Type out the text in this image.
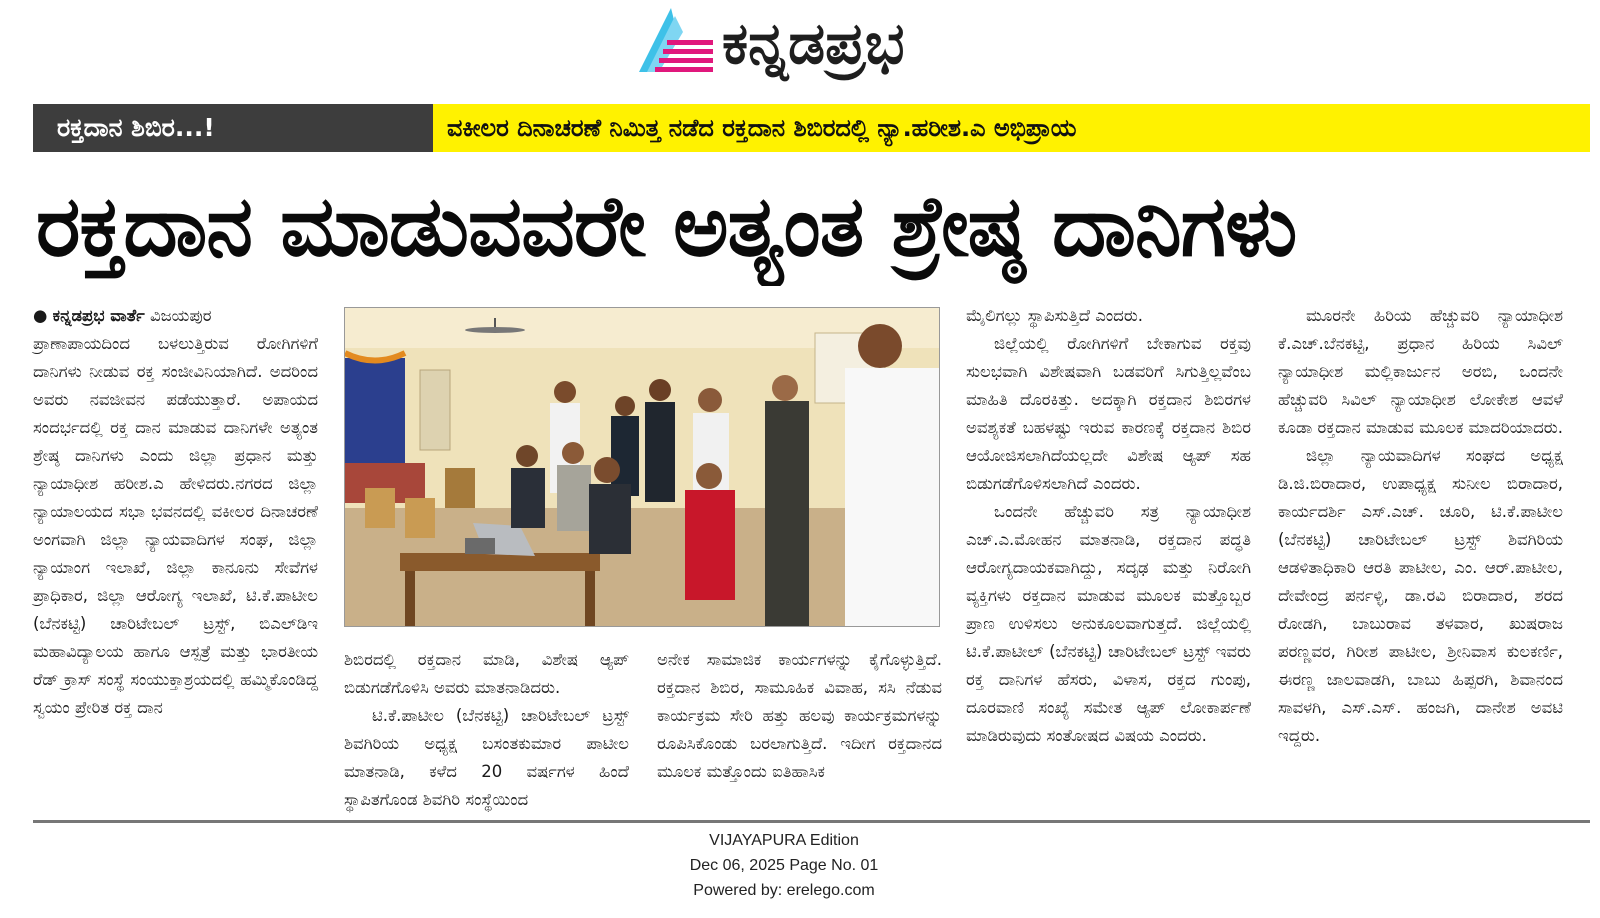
ಕನ್ನಡಪ್ರಭ
ರಕ್ತದಾನ ಶಿಬಿರ...!	ವಕೀಲರ ದಿನಾಚರಣೆ ನಿಮಿತ್ತ ನಡೆದ ರಕ್ತದಾನ ಶಿಬಿರದಲ್ಲಿ ನ್ಯಾ.ಹರೀಶ.ಎ ಅಭಿಪ್ರಾಯ
ರಕ್ತದಾನ ಮಾಡುವವರೇ ಅತ್ಯಂತ ಶ್ರೇಷ್ಠ ದಾನಿಗಳು

● ಕನ್ನಡಪ್ರಭ ವಾರ್ತೆ ವಿಜಯಪುರ

ಪ್ರಾಣಾಪಾಯದಿಂದ ಬಳಲುತ್ತಿರುವ ರೋಗಿಗಳಿಗೆ ದಾನಿಗಳು ನೀಡುವ ರಕ್ತ ಸಂಜೀವಿನಿಯಾಗಿದೆ. ಅದರಿಂದ ಅವರು ನವಜೀವನ ಪಡೆಯುತ್ತಾರೆ. ಅಪಾಯದ ಸಂದರ್ಭದಲ್ಲಿ ರಕ್ತ ದಾನ ಮಾಡುವ ದಾನಿಗಳೇ ಅತ್ಯಂತ ಶ್ರೇಷ್ಠ ದಾನಿಗಳು ಎಂದು ಜಿಲ್ಲಾ ಪ್ರಧಾನ ಮತ್ತು ನ್ಯಾಯಾಧೀಶ ಹರೀಶ.ಎ ಹೇಳಿದರು.ನಗರದ ಜಿಲ್ಲಾ ನ್ಯಾಯಾಲಯದ ಸಭಾ ಭವನದಲ್ಲಿ ವಕೀಲರ ದಿನಾಚರಣೆ ಅಂಗವಾಗಿ ಜಿಲ್ಲಾ ನ್ಯಾಯವಾದಿಗಳ ಸಂಘ, ಜಿಲ್ಲಾ ನ್ಯಾಯಾಂಗ ಇಲಾಖೆ, ಜಿಲ್ಲಾ ಕಾನೂನು ಸೇವೆಗಳ ಪ್ರಾಧಿಕಾರ, ಜಿಲ್ಲಾ ಆರೋಗ್ಯ ಇಲಾಖೆ, ಟಿ.ಕೆ.ಪಾಟೀಲ (ಬೆನಕಟ್ಟಿ) ಚಾರಿಟೇಬಲ್ ಟ್ರಸ್ಟ್, ಬಿಎಲ್‌ಡಿಇ ಮಹಾವಿದ್ಯಾಲಯ ಹಾಗೂ ಆಸ್ಪತ್ರೆ ಮತ್ತು ಭಾರತೀಯ ರೆಡ್ ಕ್ರಾಸ್ ಸಂಸ್ಥೆ ಸಂಯುಕ್ತಾಶ್ರಯದಲ್ಲಿ ಹಮ್ಮಿಕೊಂಡಿದ್ದ ಸ್ವಯಂ ಪ್ರೇರಿತ ರಕ್ತ ದಾನ

ಶಿಬಿರದಲ್ಲಿ ರಕ್ತದಾನ ಮಾಡಿ, ವಿಶೇಷ ಆ್ಯಪ್ ಬಿಡುಗಡೆಗೊಳಿಸಿ ಅವರು ಮಾತನಾಡಿದರು.

ಟಿ.ಕೆ.ಪಾಟೀಲ (ಬೆನಕಟ್ಟಿ) ಚಾರಿಟೇಬಲ್ ಟ್ರಸ್ಟ್ ಶಿವಗಿರಿಯ ಅಧ್ಯಕ್ಷ ಬಸಂತಕುಮಾರ ಪಾಟೀಲ ಮಾತನಾಡಿ, ಕಳೆದ 20 ವರ್ಷಗಳ ಹಿಂದೆ ಸ್ಥಾಪಿತಗೊಂಡ ಶಿವಗಿರಿ ಸಂಸ್ಥೆಯಿಂದ

ಅನೇಕ ಸಾಮಾಜಿಕ ಕಾರ್ಯಗಳನ್ನು ಕೈಗೊಳ್ಳುತ್ತಿದೆ. ರಕ್ತದಾನ ಶಿಬಿರ, ಸಾಮೂಹಿಕ ವಿವಾಹ, ಸಸಿ ನೆಡುವ ಕಾರ್ಯಕ್ರಮ ಸೇರಿ ಹತ್ತು ಹಲವು ಕಾರ್ಯಕ್ರಮಗಳನ್ನು ರೂಪಿಸಿಕೊಂಡು ಬರಲಾಗುತ್ತಿದೆ. ಇದೀಗ ರಕ್ತದಾನದ ಮೂಲಕ ಮತ್ತೊಂದು ಐತಿಹಾಸಿಕ

ಮೈಲಿಗಲ್ಲು ಸ್ಥಾಪಿಸುತ್ತಿದೆ ಎಂದರು.

ಜಿಲ್ಲೆಯಲ್ಲಿ ರೋಗಿಗಳಿಗೆ ಬೇಕಾಗುವ ರಕ್ತವು ಸುಲಭವಾಗಿ ವಿಶೇಷವಾಗಿ ಬಡವರಿಗೆ ಸಿಗುತ್ತಿಲ್ಲವೆಂಬ ಮಾಹಿತಿ ದೊರಕಿತ್ತು. ಅದಕ್ಕಾಗಿ ರಕ್ತದಾನ ಶಿಬಿರಗಳ ಅವಶ್ಯಕತೆ ಬಹಳಷ್ಟು ಇರುವ ಕಾರಣಕ್ಕೆ ರಕ್ತದಾನ ಶಿಬಿರ ಆಯೋಜಿಸಲಾಗಿದೆಯಲ್ಲದೇ ವಿಶೇಷ ಆ್ಯಪ್ ಸಹ ಬಿಡುಗಡೆಗೊಳಿಸಲಾಗಿದೆ ಎಂದರು.

ಒಂದನೇ ಹೆಚ್ಚುವರಿ ಸತ್ರ ನ್ಯಾಯಾಧೀಶ ಎಚ್.ಎ.ಮೋಹನ ಮಾತನಾಡಿ, ರಕ್ತದಾನ ಪದ್ಧತಿ ಆರೋಗ್ಯದಾಯಕವಾಗಿದ್ದು, ಸದೃಢ ಮತ್ತು ನಿರೋಗಿ ವ್ಯಕ್ತಿಗಳು ರಕ್ತದಾನ ಮಾಡುವ ಮೂಲಕ ಮತ್ತೊಬ್ಬರ ಪ್ರಾಣ ಉಳಿಸಲು ಅನುಕೂಲವಾಗುತ್ತದೆ. ಜಿಲ್ಲೆಯಲ್ಲಿ ಟಿ.ಕೆ.ಪಾಟೀಲ್ (ಬೆನಕಟ್ಟಿ) ಚಾರಿಟೇಬಲ್ ಟ್ರಸ್ಟ್ ಇವರು ರಕ್ತ ದಾನಿಗಳ ಹೆಸರು, ವಿಳಾಸ, ರಕ್ತದ ಗುಂಪು, ದೂರವಾಣಿ ಸಂಖ್ಯೆ ಸಮೇತ ಆ್ಯಪ್ ಲೋಕಾರ್ಪಣೆ ಮಾಡಿರುವುದು ಸಂತೋಷದ ವಿಷಯ ಎಂದರು.

ಮೂರನೇ ಹಿರಿಯ ಹೆಚ್ಚುವರಿ ನ್ಯಾಯಾಧೀಶ ಕೆ.ಎಚ್.ಬೆನಕಟ್ಟಿ, ಪ್ರಧಾನ ಹಿರಿಯ ಸಿವಿಲ್ ನ್ಯಾಯಾಧೀಶ ಮಲ್ಲಿಕಾರ್ಜುನ ಅರಬಿ, ಒಂದನೇ ಹೆಚ್ಚುವರಿ ಸಿವಿಲ್ ನ್ಯಾಯಾಧೀಶ ಲೋಕೇಶ ಆವಳೆ ಕೂಡಾ ರಕ್ತದಾನ ಮಾಡುವ ಮೂಲಕ ಮಾದರಿಯಾದರು.

ಜಿಲ್ಲಾ ನ್ಯಾಯವಾದಿಗಳ ಸಂಘದ ಅಧ್ಯಕ್ಷ ಡಿ.ಜಿ.ಬಿರಾದಾರ, ಉಪಾಧ್ಯಕ್ಷ ಸುನೀಲ ಬಿರಾದಾರ, ಕಾರ್ಯದರ್ಶಿ ಎಸ್.ಎಚ್. ಚೂರಿ, ಟಿ.ಕೆ.ಪಾಟೀಲ (ಬೆನಕಟ್ಟಿ) ಚಾರಿಟೇಬಲ್ ಟ್ರಸ್ಟ್ ಶಿವಗಿರಿಯ ಆಡಳಿತಾಧಿಕಾರಿ ಆರತಿ ಪಾಟೀಲ, ಎಂ. ಆರ್.ಪಾಟೀಲ, ದೇವೇಂದ್ರ ಪರ್ನಳ್ಳಿ, ಡಾ.ರವಿ ಬಿರಾದಾರ, ಶರದ ರೋಡಗಿ, ಬಾಬುರಾವ ತಳವಾರ, ಖುಷರಾಜ ಪರಣ್ಣವರ, ಗಿರೀಶ ಪಾಟೀಲ, ಶ್ರೀನಿವಾಸ ಕುಲಕರ್ಣಿ, ಈರಣ್ಣ ಜಾಲವಾಡಗಿ, ಬಾಬು ಹಿಪ್ಪರಗಿ, ಶಿವಾನಂದ ಸಾವಳಗಿ, ಎಸ್.ಎಸ್. ಹಂಜಗಿ, ದಾನೇಶ ಅವಟಿ ಇದ್ದರು.

VIJAYAPURA Edition
Dec 06, 2025 Page No. 01
Powered by: erelego.com
